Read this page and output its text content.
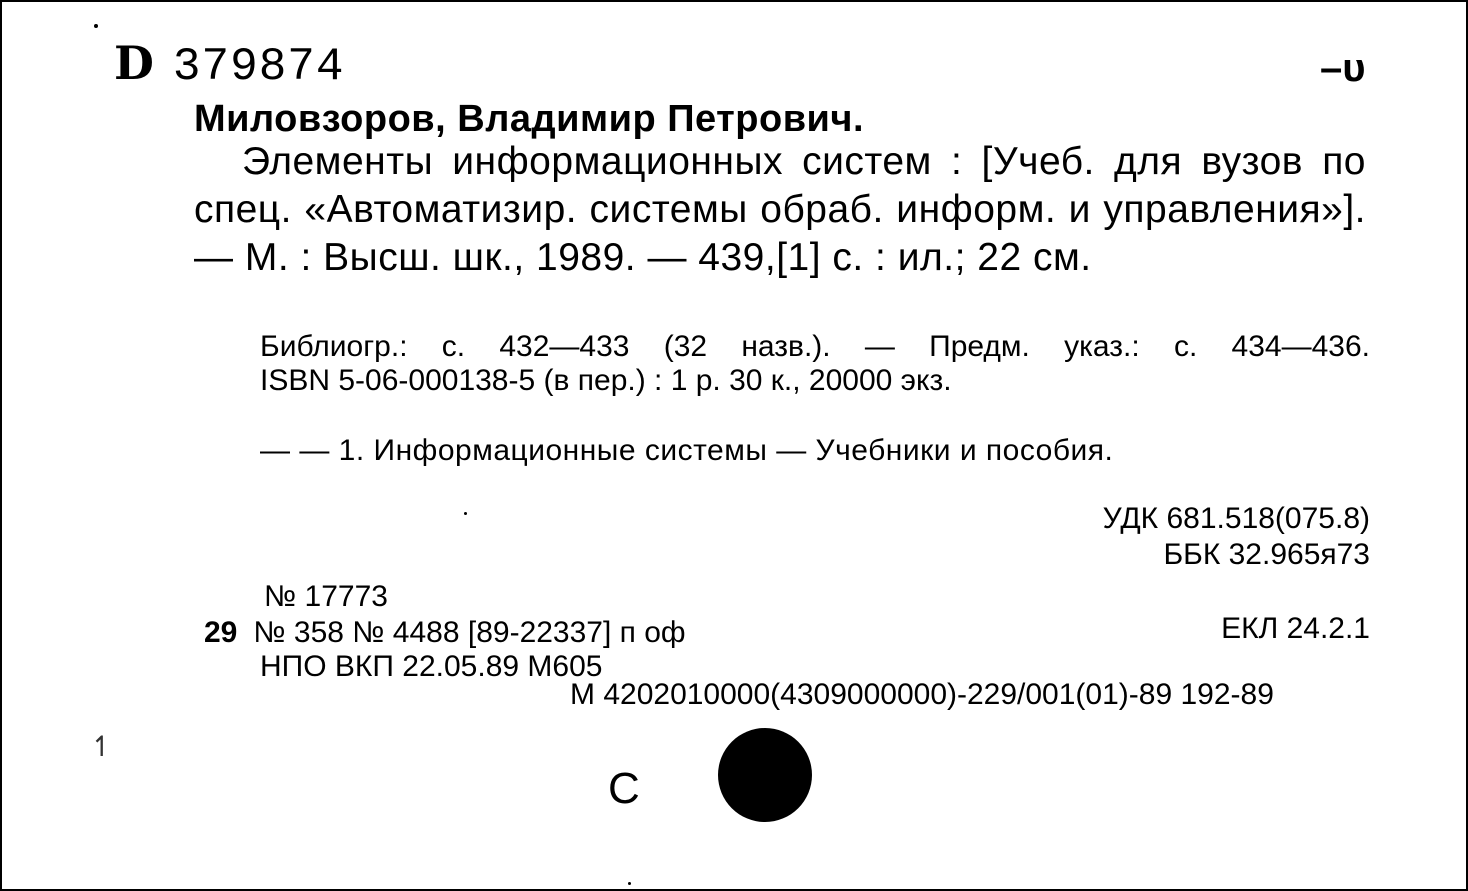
D 379874	–υ
Миловзоров, Владимир Петрович.

Элементы информационных систем : [Учеб. для вузов по спец. «Автоматизир. системы обраб. информ. и управления»]. — М. : Высш. шк., 1989. — 439,[1] с. : ил.; 22 см.

Библиогр.: с. 432—433 (32 назв.). — Предм. указ.: с. 434—436.

ISBN 5-06-000138-5 (в пер.) : 1 р. 30 к., 20000 экз.

— — 1. Информационные системы — Учебники и пособия.
УДК 681.518(075.8)
ББК 32.965я73
№ 17773
29 № 358 № 4488 [89-22337] п оф
НПО ВКП 22.05.89 М605
ЕКЛ 24.2.1
М 4202010000(4309000000)-229/001(01)-89 192-89
↿
С
